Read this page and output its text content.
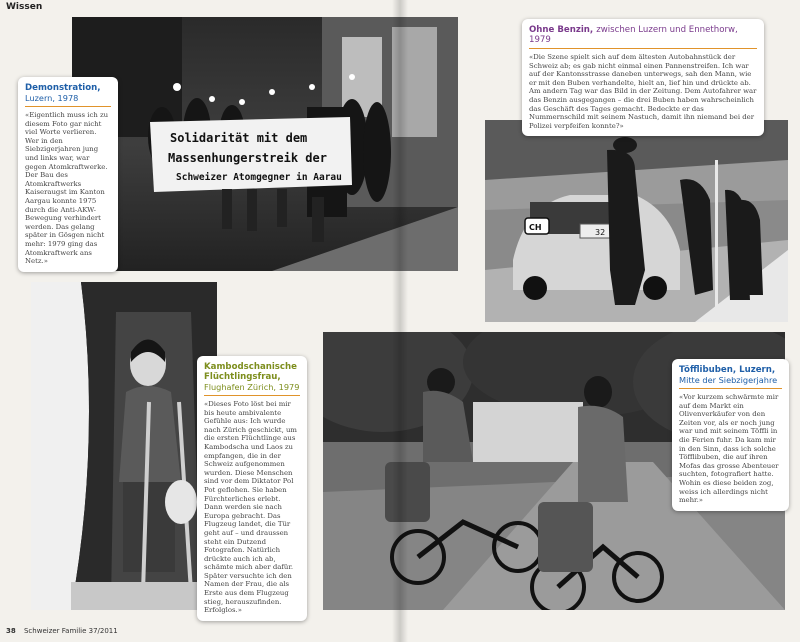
Wissen
Solidarität mit dem
Massenhungerstreik der
Schweizer Atomgegner in Aarau
CH
32
Demonstration,
Luzern, 1978
«Eigentlich muss ich zu diesem Foto gar nicht viel Worte verlieren. Wer in den Siebzigerjahren jung und links war, war gegen Atomkraftwerke. Der Bau des Atomkraftwerks Kaiseraugst im Kanton Aargau konnte 1975 durch die Anti-AKW-Bewegung verhindert werden. Das gelang später in Gösgen nicht mehr: 1979 ging das Atomkraftwerk ans Netz.»
Ohne Benzin, zwischen Luzern und Ennethorw, 1979
«Die Szene spielt sich auf dem ältesten Autobahnstück der Schweiz ab; es gab nicht einmal einen Pannenstreifen. Ich war auf der Kantonsstrasse daneben unterwegs, sah den Mann, wie er mit den Buben verhandelte, hielt an, lief hin und drückte ab. Am andern Tag war das Bild in der Zeitung. Dem Autofahrer war das Benzin ausgegangen – die drei Buben haben wahrscheinlich das Geschäft des Tages gemacht. Bedeckte er das Nummernschild mit seinem Nastuch, damit ihn niemand bei der Polizei verpfeifen konnte?»
Kambodschanische Flüchtlingsfrau,
Flughafen Zürich, 1979
«Dieses Foto löst bei mir bis heute ambivalente Gefühle aus: Ich wurde nach Zürich geschickt, um die ersten Flüchtlinge aus Kambodscha und Laos zu empfangen, die in der Schweiz aufgenommen wurden. Diese Menschen sind vor dem Diktator Pol Pot geflohen. Sie haben Fürchterliches erlebt. Dann werden sie nach Europa gebracht. Das Flugzeug landet, die Tür geht auf – und draussen steht ein Dutzend Fotografen. Natürlich drückte auch ich ab, schämte mich aber dafür. Später versuchte ich den Namen der Frau, die als Erste aus dem Flugzeug stieg, herauszufinden. Erfolglos.»
Töfflibuben, Luzern,
Mitte der Siebzigerjahre
«Vor kurzem schwärmte mir auf dem Markt ein Olivenverkäufer von den Zeiten vor, als er noch jung war und mit seinem Töffli in die Ferien fuhr. Da kam mir in den Sinn, dass ich solche Töfflibuben, die auf ihren Mofas das grosse Abenteuer suchten, fotografiert hatte. Wohin es diese beiden zog, weiss ich allerdings nicht mehr.»
38 Schweizer Familie 37/2011
